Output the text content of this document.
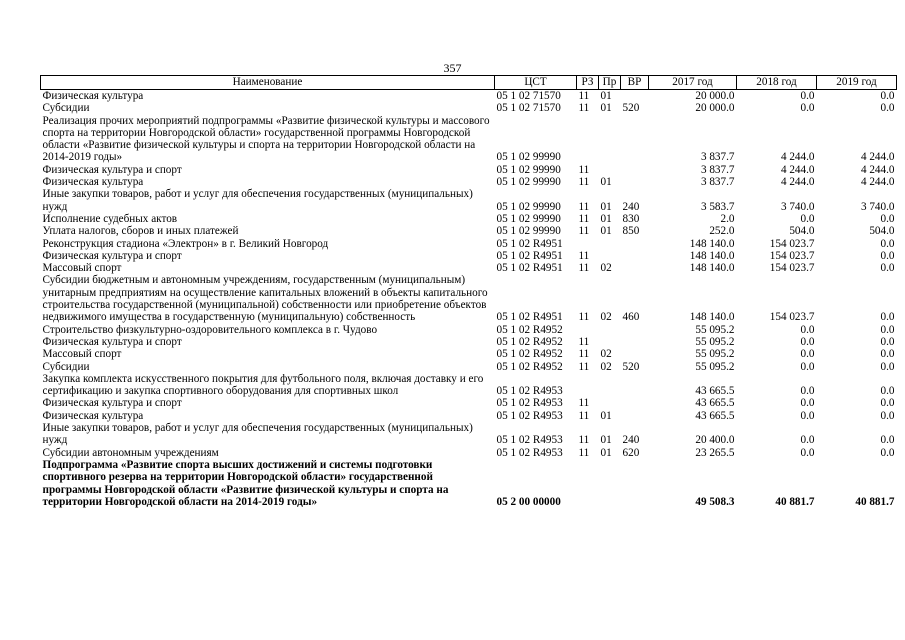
357
Наименование	ЦСТ	РЗ	Пр	ВР	2017 год	2018 год	2019 год
Физическая культура	05 1 02 71570	11	01		20 000.0	0.0	0.0
Субсидии	05 1 02 71570	11	01	520	20 000.0	0.0	0.0
Реализация прочих мероприятий подпрограммы «Развитие физической культуры и массового спорта на территории Новгородской области» государственной программы Новгородской области «Развитие физической культуры и спорта на территории Новгородской области на 2014-2019 годы»	05 1 02 99990				3 837.7	4 244.0	4 244.0
Физическая культура и спорт	05 1 02 99990	11			3 837.7	4 244.0	4 244.0
Физическая культура	05 1 02 99990	11	01		3 837.7	4 244.0	4 244.0
Иные закупки товаров, работ и услуг для обеспечения государственных (муниципальных) нужд	05 1 02 99990	11	01	240	3 583.7	3 740.0	3 740.0
Исполнение судебных актов	05 1 02 99990	11	01	830	2.0	0.0	0.0
Уплата налогов, сборов и иных платежей	05 1 02 99990	11	01	850	252.0	504.0	504.0
Реконструкция стадиона «Электрон» в г. Великий Новгород	05 1 02 R4951				148 140.0	154 023.7	0.0
Физическая культура и спорт	05 1 02 R4951	11			148 140.0	154 023.7	0.0
Массовый спорт	05 1 02 R4951	11	02		148 140.0	154 023.7	0.0
Субсидии бюджетным и автономным учреждениям, государственным (муниципальным) унитарным предприятиям на осуществление капитальных вложений в объекты капитального строительства государственной (муниципальной) собственности или приобретение объектов недвижимого имущества в государственную (муниципальную) собственность	05 1 02 R4951	11	02	460	148 140.0	154 023.7	0.0
Строительство физкультурно-оздоровительного комплекса в г. Чудово	05 1 02 R4952				55 095.2	0.0	0.0
Физическая культура и спорт	05 1 02 R4952	11			55 095.2	0.0	0.0
Массовый спорт	05 1 02 R4952	11	02		55 095.2	0.0	0.0
Субсидии	05 1 02 R4952	11	02	520	55 095.2	0.0	0.0
Закупка комплекта искусственного покрытия для футбольного поля, включая доставку и его сертификацию и закупка спортивного оборудования для спортивных школ	05 1 02 R4953				43 665.5	0.0	0.0
Физическая культура и спорт	05 1 02 R4953	11			43 665.5	0.0	0.0
Физическая культура	05 1 02 R4953	11	01		43 665.5	0.0	0.0
Иные закупки товаров, работ и услуг для обеспечения государственных (муниципальных) нужд	05 1 02 R4953	11	01	240	20 400.0	0.0	0.0
Субсидии автономным учреждениям	05 1 02 R4953	11	01	620	23 265.5	0.0	0.0
Подпрограмма «Развитие спорта высших достижений и системы подготовки спортивного резерва на территории Новгородской области» государственной программы Новгородской области «Развитие физической культуры и спорта на территории Новгородской области на 2014-2019 годы»	05 2 00 00000				49 508.3	40 881.7	40 881.7
